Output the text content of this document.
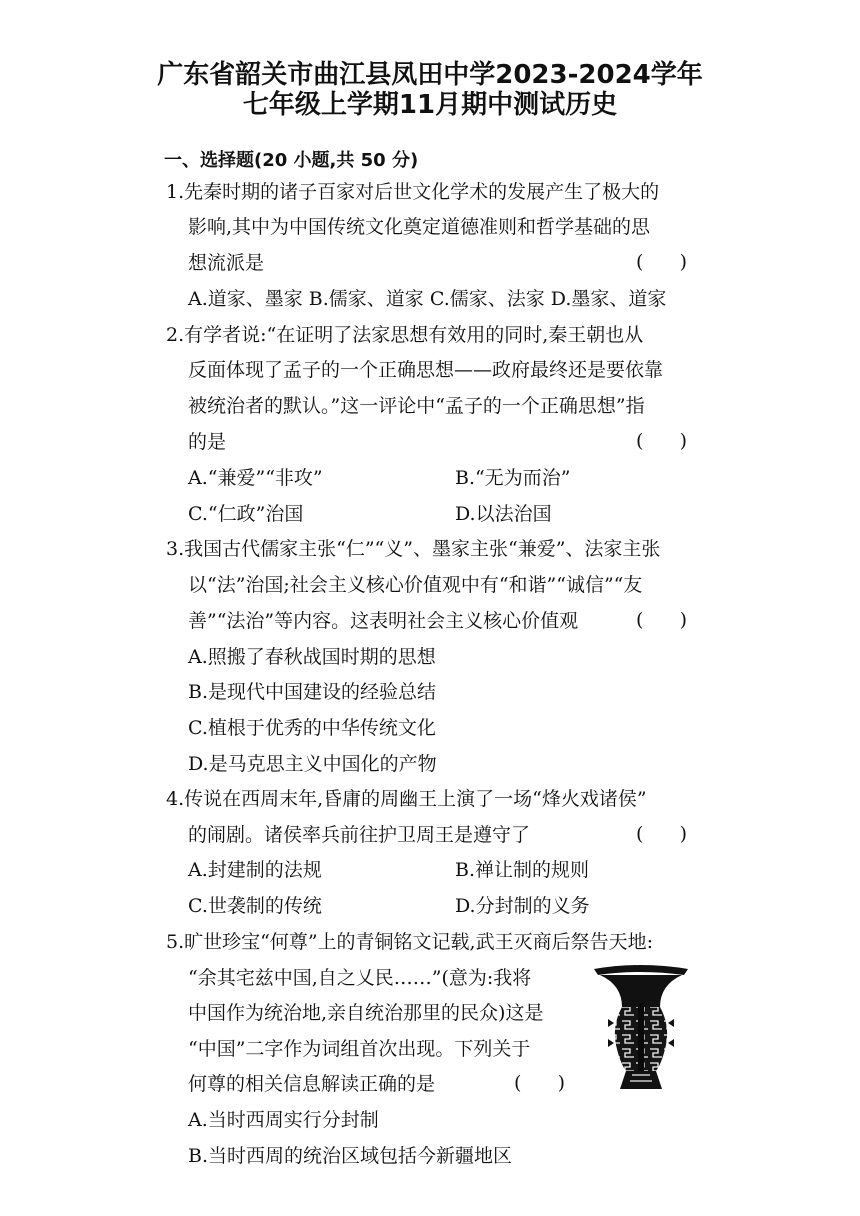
广东省韶关市曲江县凤田中学2023-2024学年
七年级上学期11月期中测试历史
一、选择题(20 小题,共 50 分)
1.先秦时期的诸子百家对后世文化学术的发展产生了极大的
影响,其中为中国传统文化奠定道德准则和哲学基础的思
想流派是	(      )
A.道家、墨家 B.儒家、道家 C.儒家、法家 D.墨家、道家
2.有学者说:“在证明了法家思想有效用的同时,秦王朝也从
反面体现了孟子的一个正确思想——政府最终还是要依靠
被统治者的默认。”这一评论中“孟子的一个正确思想”指
的是	(      )
A.“兼爱”“非攻”	B.“无为而治”
C.“仁政”治国	D.以法治国
3.我国古代儒家主张“仁”“义”、墨家主张“兼爱”、法家主张
以“法”治国;社会主义核心价值观中有“和谐”“诚信”“友
善”“法治”等内容。这表明社会主义核心价值观	(      )
A.照搬了春秋战国时期的思想
B.是现代中国建设的经验总结
C.植根于优秀的中华传统文化
D.是马克思主义中国化的产物
4.传说在西周末年,昏庸的周幽王上演了一场“烽火戏诸侯”
的闹剧。诸侯率兵前往护卫周王是遵守了	(      )
A.封建制的法规	B.禅让制的规则
C.世袭制的传统	D.分封制的义务
5.旷世珍宝“何尊”上的青铜铭文记载,武王灭商后祭告天地:
“余其宅兹中国,自之乂民……”(意为:我将
中国作为统治地,亲自统治那里的民众)这是
“中国”二字作为词组首次出现。下列关于
何尊的相关信息解读正确的是	(      )
A.当时西周实行分封制
B.当时西周的统治区域包括今新疆地区
